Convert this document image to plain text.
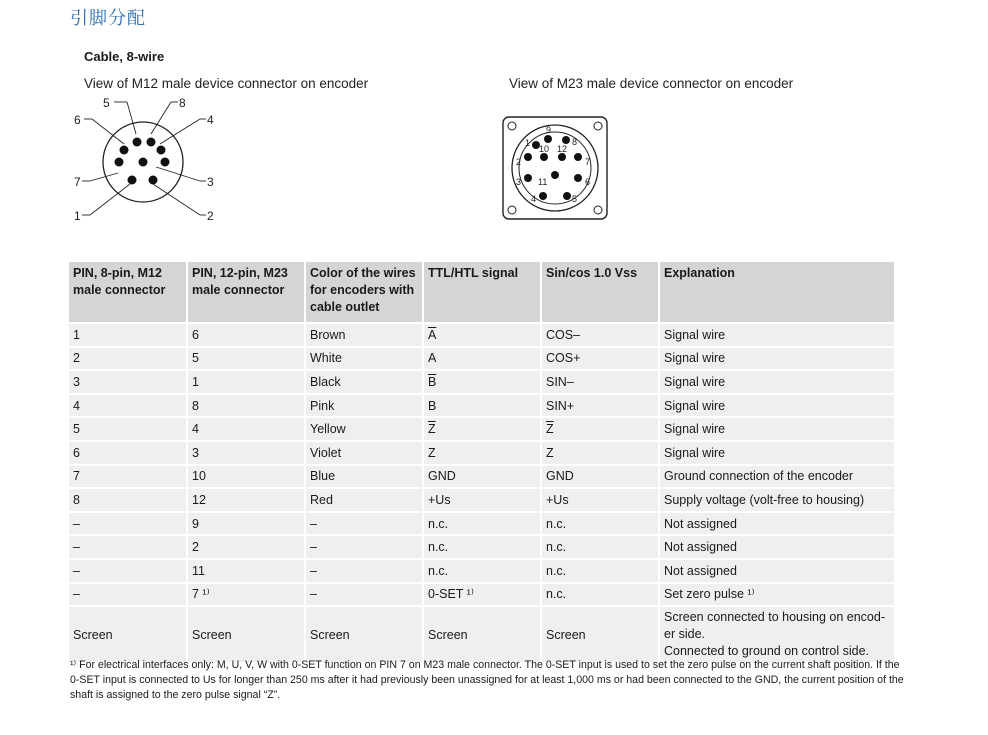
引脚分配
Cable, 8-wire
View of M12 male device connector on encoder	View of M23 male device connector on encoder
5	8
6	4
7	3
1	2
9
1	8
10 12
2	7
3 11	6
4	5
PIN, 8-pin, M12 male connector	PIN, 12-pin, M23 male connector	Color of the wires for encoders with cable outlet	TTL/HTL signal	Sin/cos 1.0 Vss	Explanation
1	6	Brown	$\overline{A}$	COS–	Signal wire
2	5	White	A	COS+	Signal wire
3	1	Black	$\overline{B}$	SIN–	Signal wire
4	8	Pink	B	SIN+	Signal wire
5	4	Yellow	$\overline{Z}$	$\overline{Z}$	Signal wire
6	3	Violet	Z	Z	Signal wire
7	10	Blue	GND	GND	Ground connection of the encoder
8	12	Red	+Us	+Us	Supply voltage (volt-free to housing)
–	9	–	n.c.	n.c.	Not assigned
–	2	–	n.c.	n.c.	Not assigned
–	11	–	n.c.	n.c.	Not assigned
–	7 ¹⁾	–	0-SET ¹⁾	n.c.	Set zero pulse ¹⁾
Screen	Screen	Screen	Screen	Screen	Screen connected to housing on encod-
er side.
Connected to ground on control side.
¹⁾ For electrical interfaces only: M, U, V, W with 0-SET function on PIN 7 on M23 male connector. The 0-SET input is used to set the zero pulse on the current shaft position. If the 0-SET input is connected to Us for longer than 250 ms after it had previously been unassigned for at least 1,000 ms or had been connected to the GND, the current position of the shaft is assigned to the zero pulse signal “Z”.
